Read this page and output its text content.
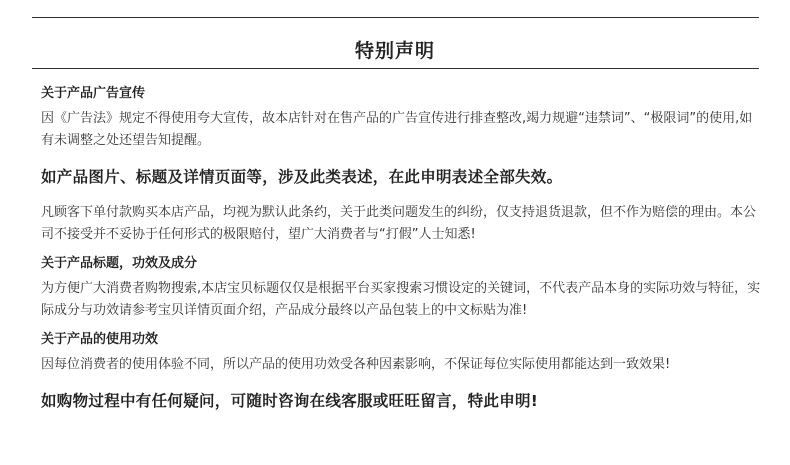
特别声明

关于产品广告宣传

因《广告法》规定不得使用夸大宣传，故本店针对在售产品的广告宣传进行排查整改,竭力规避“违禁词”、“极限词”的使用,如有未调整之处还望告知提醒。

如产品图片、标题及详情页面等，涉及此类表述，在此申明表述全部失效。

凡顾客下单付款购买本店产品，均视为默认此条约，关于此类问题发生的纠纷，仅支持退货退款，但不作为赔偿的理由。本公司不接受并不妥协于任何形式的极限赔付，望广大消费者与“打假”人士知悉!

关于产品标题，功效及成分

为方便广大消费者购物搜索,本店宝贝标题仅仅是根据平台买家搜索习惯设定的关键词，不代表产品本身的实际功效与特征，实际成分与功效请参考宝贝详情页面介绍，产品成分最终以产品包装上的中文标贴为准!

关于产品的使用功效

因每位消费者的使用体验不同，所以产品的使用功效受各种因素影响，不保证每位实际使用都能达到一致效果!

如购物过程中有任何疑问，可随时咨询在线客服或旺旺留言，特此申明!
